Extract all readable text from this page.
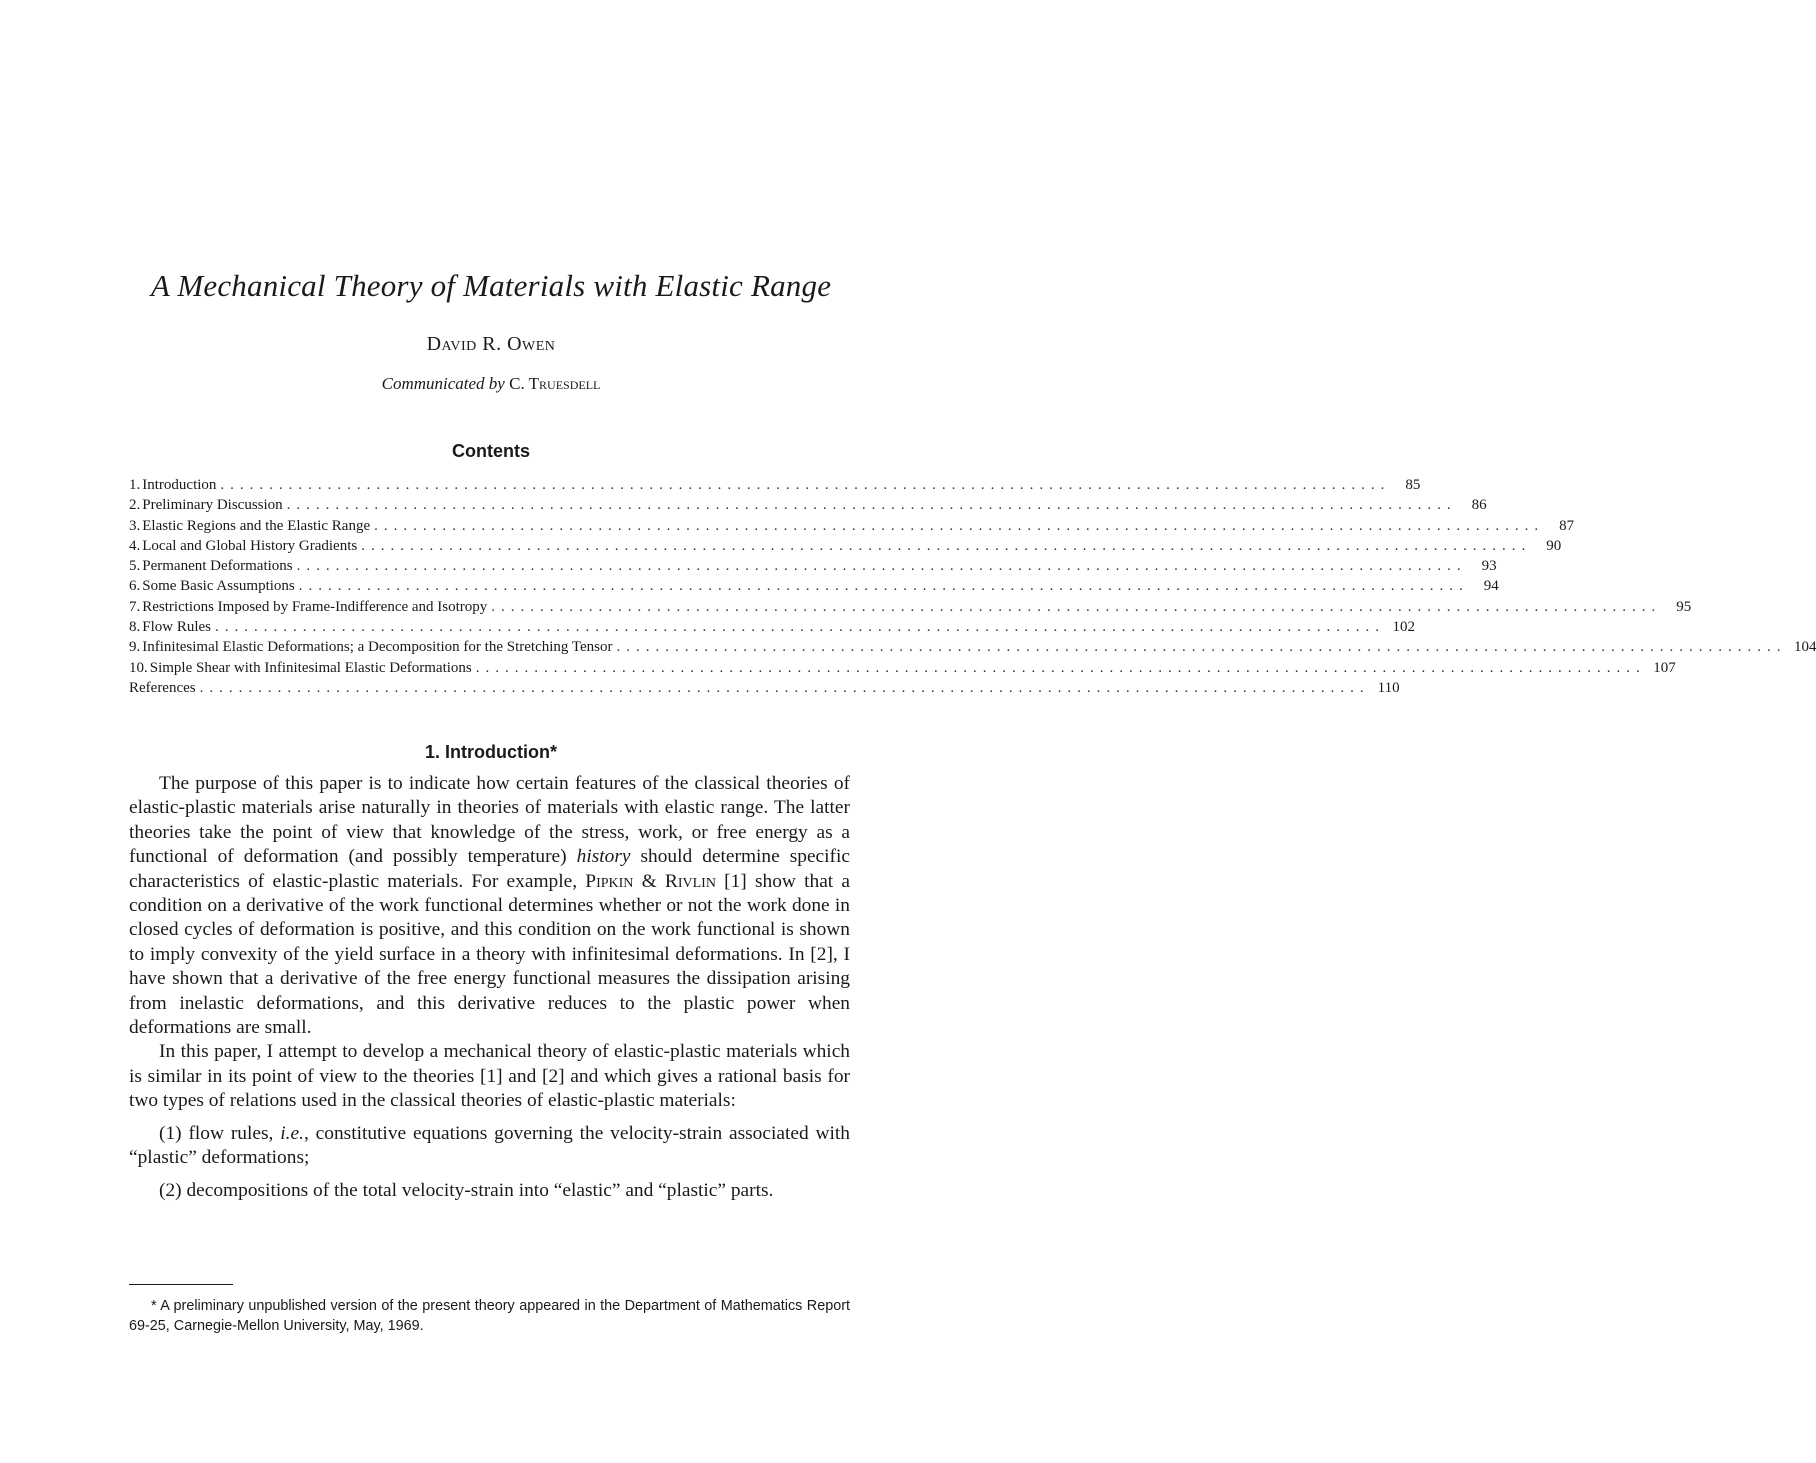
A Mechanical Theory of Materials with Elastic Range
David R. Owen
Communicated by C. Truesdell
Contents
1. Introduction ........................................................................................................................	85
2. Preliminary Discussion ........................................................................................................................	86
3. Elastic Regions and the Elastic Range ........................................................................................................................	87
4. Local and Global History Gradients ........................................................................................................................	90
5. Permanent Deformations ........................................................................................................................	93
6. Some Basic Assumptions ........................................................................................................................	94
7. Restrictions Imposed by Frame-Indifference and Isotropy ........................................................................................................................	95
8. Flow Rules ........................................................................................................................ 102
9. Infinitesimal Elastic Deformations; a Decomposition for the Stretching Tensor ........................................................................................................................ 104
10. Simple Shear with Infinitesimal Elastic Deformations ........................................................................................................................ 107
References ........................................................................................................................ 110
1. Introduction*

The purpose of this paper is to indicate how certain features of the classical theories of elastic-plastic materials arise naturally in theories of materials with elastic range. The latter theories take the point of view that knowledge of the stress, work, or free energy as a functional of deformation (and possibly temperature) history should determine specific characteristics of elastic-plastic materials. For example, Pipkin & Rivlin [1] show that a condition on a derivative of the work functional determines whether or not the work done in closed cycles of deformation is positive, and this condition on the work functional is shown to imply convexity of the yield surface in a theory with infinitesimal deformations. In [2], I have shown that a derivative of the free energy functional measures the dissipation arising from inelastic deformations, and this derivative reduces to the plastic power when deformations are small.

In this paper, I attempt to develop a mechanical theory of elastic-plastic materials which is similar in its point of view to the theories [1] and [2] and which gives a rational basis for two types of relations used in the classical theories of elastic-plastic materials:

(1) flow rules, i.e., constitutive equations governing the velocity-strain associated with “plastic” deformations;

(2) decompositions of the total velocity-strain into “elastic” and “plastic” parts.

* A preliminary unpublished version of the present theory appeared in the Department of Mathematics Report 69-25, Carnegie-Mellon University, May, 1969.
